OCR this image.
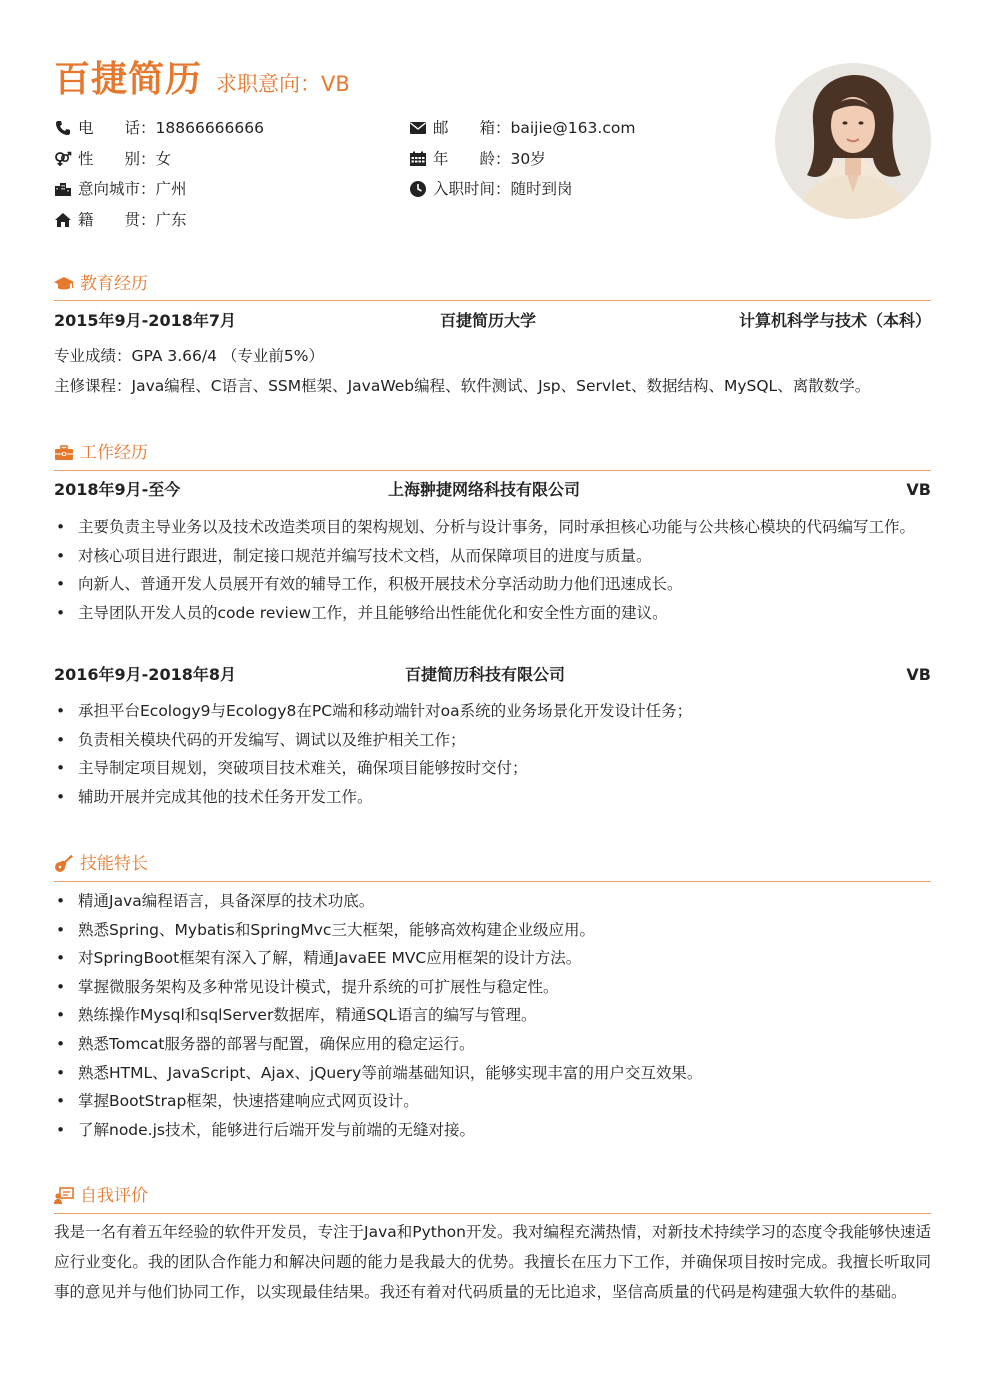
百捷简历 求职意向：VB
电　　话： 18866666666
性　　别： 女
意向城市： 广州
籍　　贯： 广东
邮　　箱： baijie@163.com
年　　龄： 30岁
入职时间： 随时到岗
教育经历
2015年9月-2018年7月	百捷简历大学	计算机科学与技术（本科）
专业成绩：GPA 3.66/4 （专业前5%）
主修课程：Java编程、C语言、SSM框架、JavaWeb编程、软件测试、Jsp、Servlet、数据结构、MySQL、离散数学。
工作经历
2018年9月-至今	上海翀捷网络科技有限公司	VB
• 主要负责主导业务以及技术改造类项目的架构规划、分析与设计事务，同时承担核心功能与公共核心模块的代码编写工作。
• 对核心项目进行跟进，制定接口规范并编写技术文档，从而保障项目的进度与质量。
• 向新人、普通开发人员展开有效的辅导工作，积极开展技术分享活动助力他们迅速成长。
• 主导团队开发人员的code review工作，并且能够给出性能优化和安全性方面的建议。
2016年9月-2018年8月	百捷简历科技有限公司	VB
• 承担平台Ecology9与Ecology8在PC端和移动端针对oa系统的业务场景化开发设计任务；
• 负责相关模块代码的开发编写、调试以及维护相关工作；
• 主导制定项目规划，突破项目技术难关，确保项目能够按时交付；
• 辅助开展并完成其他的技术任务开发工作。
技能特长
• 精通Java编程语言，具备深厚的技术功底。
• 熟悉Spring、Mybatis和SpringMvc三大框架，能够高效构建企业级应用。
• 对SpringBoot框架有深入了解，精通JavaEE MVC应用框架的设计方法。
• 掌握微服务架构及多种常见设计模式，提升系统的可扩展性与稳定性。
• 熟练操作Mysql和sqlServer数据库，精通SQL语言的编写与管理。
• 熟悉Tomcat服务器的部署与配置，确保应用的稳定运行。
• 熟悉HTML、JavaScript、Ajax、jQuery等前端基础知识，能够实现丰富的用户交互效果。
• 掌握BootStrap框架，快速搭建响应式网页设计。
• 了解node.js技术，能够进行后端开发与前端的无缝对接。
自我评价
我是一名有着五年经验的软件开发员，专注于Java和Python开发。我对编程充满热情，对新技术持续学习的态度令我能够快速适应行业变化。我的团队合作能力和解决问题的能力是我最大的优势。我擅长在压力下工作，并确保项目按时完成。我擅长听取同事的意见并与他们协同工作，以实现最佳结果。我还有着对代码质量的无比追求，坚信高质量的代码是构建强大软件的基础。
